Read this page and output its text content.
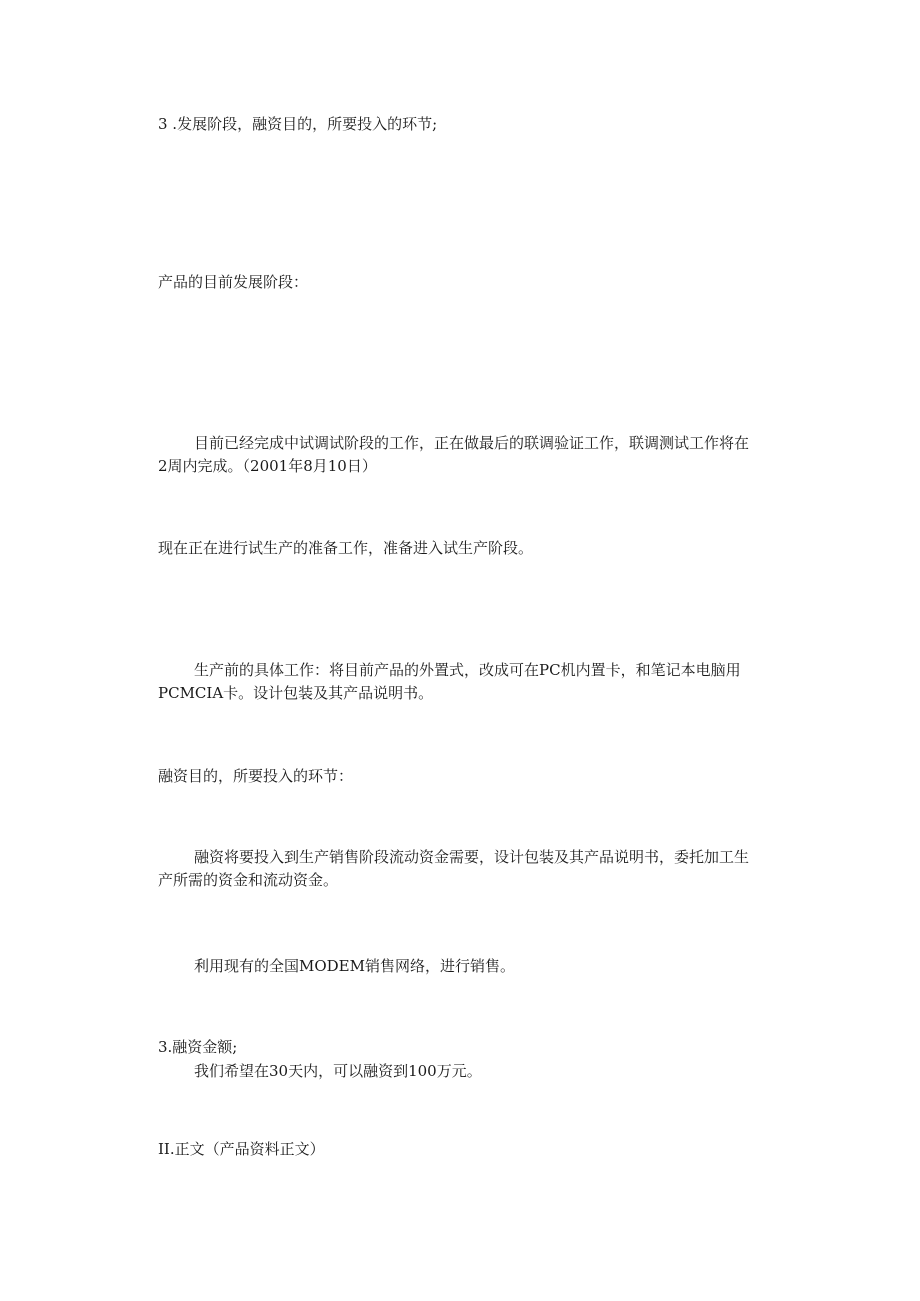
3 .发展阶段，融资目的，所要投入的环节;

产品的目前发展阶段：

目前已经完成中试调试阶段的工作，正在做最后的联调验证工作，联调测试工作将在2周内完成。（2001年8月10日）

现在正在进行试生产的准备工作，准备进入试生产阶段。

生产前的具体工作：将目前产品的外置式，改成可在PC机内置卡，和笔记本电脑用PCMCIA卡。设计包装及其产品说明书。

融资目的，所要投入的环节：

融资将要投入到生产销售阶段流动资金需要，设计包装及其产品说明书，委托加工生产所需的资金和流动资金。

利用现有的全国MODEM销售网络，进行销售。

3.融资金额;

我们希望在30天内，可以融资到100万元。

II.正文（产品资料正文）
